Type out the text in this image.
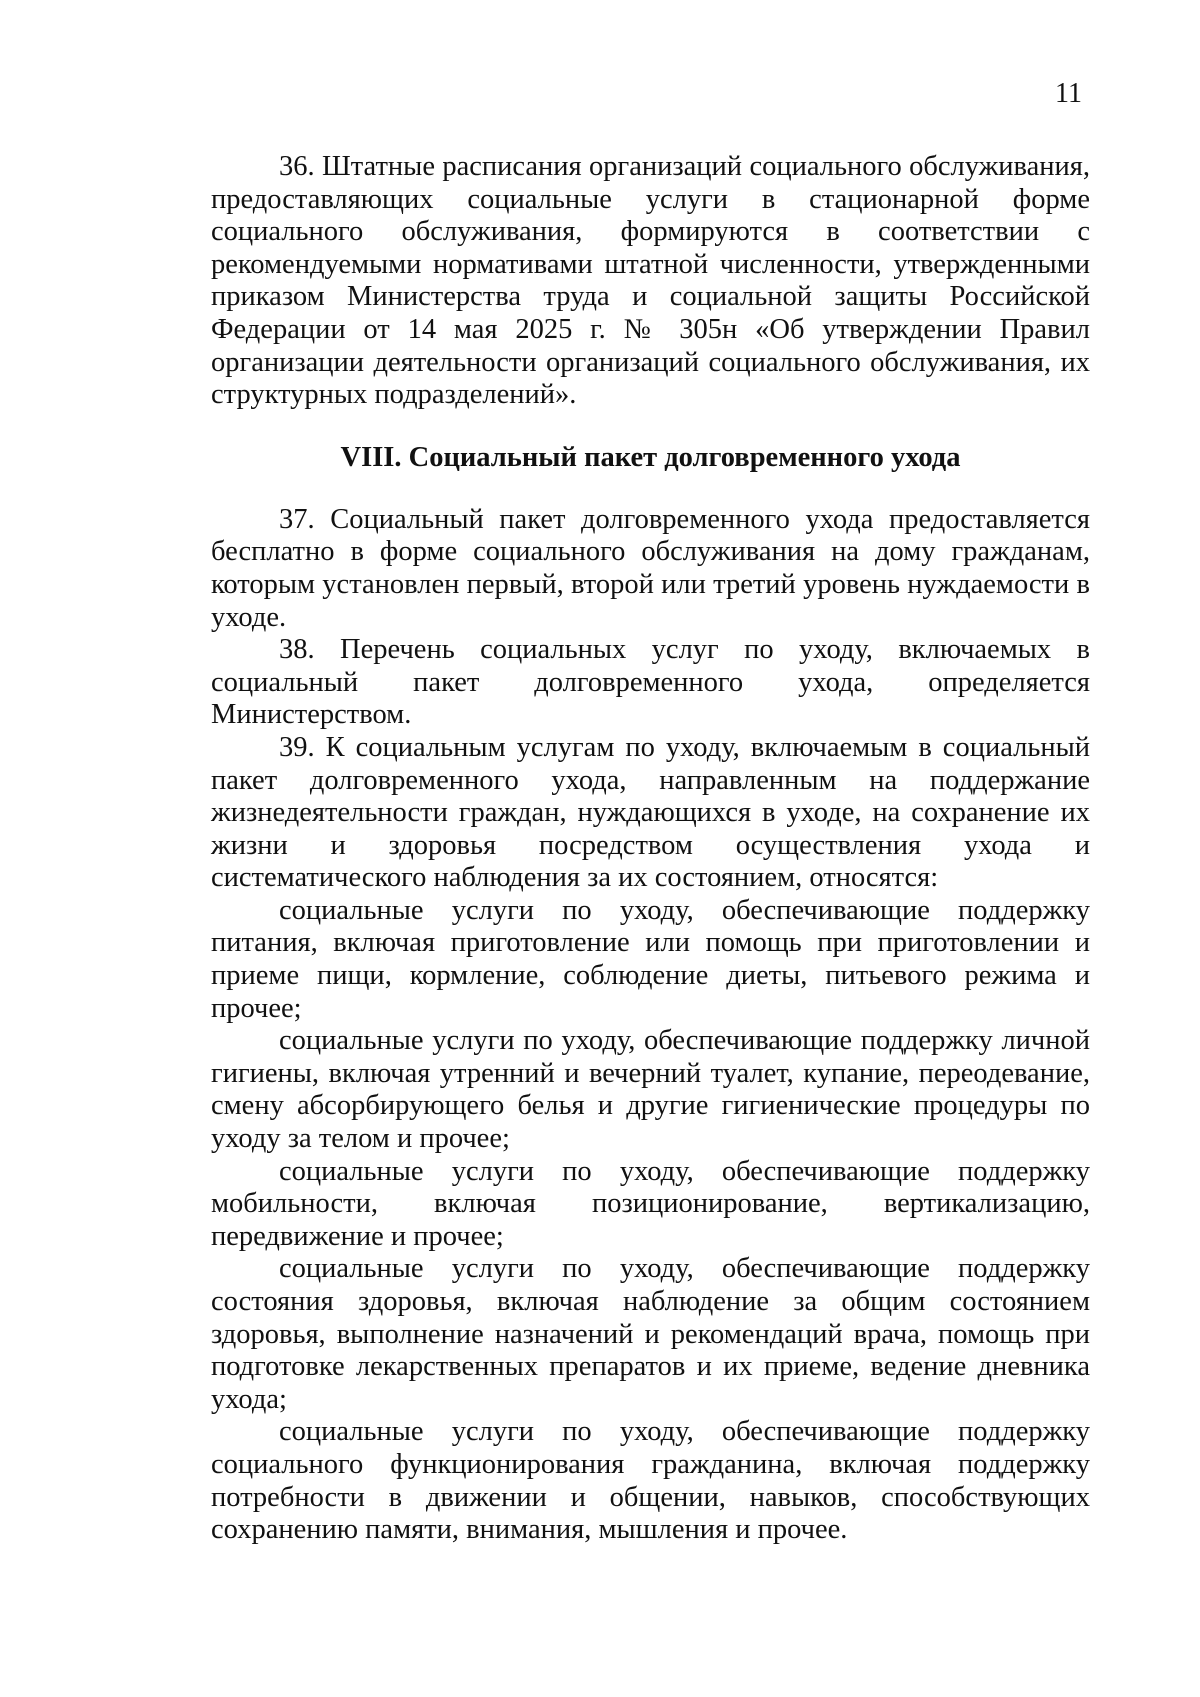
11

36. Штатные расписания организаций социального обслуживания, предоставляющих социальные услуги в стационарной форме социального обслуживания, формируются в соответствии с рекомендуемыми нормативами штатной численности, утвержденными приказом Министерства труда и социальной защиты Российской Федерации от 14 мая 2025 г. № 305н «Об утверждении Правил организации деятельности организаций социального обслуживания, их структурных подразделений».

VIII. Социальный пакет долговременного ухода

37. Социальный пакет долговременного ухода предоставляется бесплатно в форме социального обслуживания на дому гражданам, которым установлен первый, второй или третий уровень нуждаемости в уходе.

38. Перечень социальных услуг по уходу, включаемых в социальный пакет долговременного ухода, определяется Министерством.

39. К социальным услугам по уходу, включаемым в социальный пакет долговременного ухода, направленным на поддержание жизнедеятельности граждан, нуждающихся в уходе, на сохранение их жизни и здоровья посредством осуществления ухода и систематического наблюдения за их состоянием, относятся:

социальные услуги по уходу, обеспечивающие поддержку питания, включая приготовление или помощь при приготовлении и приеме пищи, кормление, соблюдение диеты, питьевого режима и прочее;

социальные услуги по уходу, обеспечивающие поддержку личной гигиены, включая утренний и вечерний туалет, купание, переодевание, смену абсорбирующего белья и другие гигиенические процедуры по уходу за телом и прочее;

социальные услуги по уходу, обеспечивающие поддержку мобильности, включая позиционирование, вертикализацию, передвижение и прочее;

социальные услуги по уходу, обеспечивающие поддержку состояния здоровья, включая наблюдение за общим состоянием здоровья, выполнение назначений и рекомендаций врача, помощь при подготовке лекарственных препаратов и их приеме, ведение дневника ухода;

социальные услуги по уходу, обеспечивающие поддержку социального функционирования гражданина, включая поддержку потребности в движении и общении, навыков, способствующих сохранению памяти, внимания, мышления и прочее.
